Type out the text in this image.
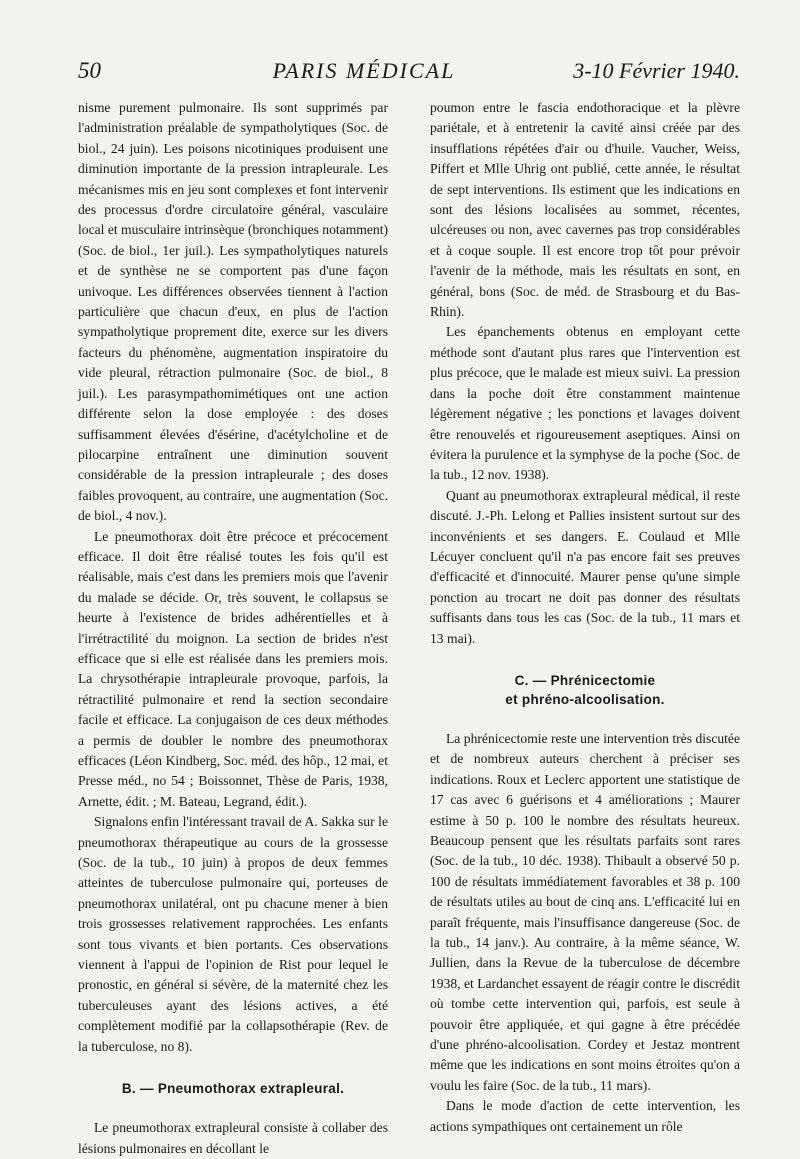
50	PARIS MÉDICAL	3-10 Février 1940.

nisme purement pulmonaire. Ils sont supprimés par l'administration préalable de sympatholytiques (Soc. de biol., 24 juin). Les poisons nicotiniques produisent une diminution importante de la pression intrapleurale. Les mécanismes mis en jeu sont complexes et font intervenir des processus d'ordre circulatoire général, vasculaire local et musculaire intrinsèque (bronchiques notamment) (Soc. de biol., 1er juil.). Les sympatholytiques naturels et de synthèse ne se comportent pas d'une façon univoque. Les différences observées tiennent à l'action particulière que chacun d'eux, en plus de l'action sympatholytique proprement dite, exerce sur les divers facteurs du phénomène, augmentation inspiratoire du vide pleural, rétraction pulmonaire (Soc. de biol., 8 juil.). Les parasympathomimétiques ont une action différente selon la dose employée : des doses suffisamment élevées d'ésérine, d'acétylcholine et de pilocarpine entraînent une diminution souvent considérable de la pression intrapleurale ; des doses faibles provoquent, au contraire, une augmentation (Soc. de biol., 4 nov.).

Le pneumothorax doit être précoce et précocement efficace. Il doit être réalisé toutes les fois qu'il est réalisable, mais c'est dans les premiers mois que l'avenir du malade se décide. Or, très souvent, le collapsus se heurte à l'existence de brides adhérentielles et à l'irrétractilité du moignon. La section de brides n'est efficace que si elle est réalisée dans les premiers mois. La chrysothérapie intrapleurale provoque, parfois, la rétractilité pulmonaire et rend la section secondaire facile et efficace. La conjugaison de ces deux méthodes a permis de doubler le nombre des pneumothorax efficaces (Léon Kindberg, Soc. méd. des hôp., 12 mai, et Presse méd., no 54 ; Boissonnet, Thèse de Paris, 1938, Arnette, édit. ; M. Bateau, Legrand, édit.).

Signalons enfin l'intéressant travail de A. Sakka sur le pneumothorax thérapeutique au cours de la grossesse (Soc. de la tub., 10 juin) à propos de deux femmes atteintes de tuberculose pulmonaire qui, porteuses de pneumothorax unilatéral, ont pu chacune mener à bien trois grossesses relativement rapprochées. Les enfants sont tous vivants et bien portants. Ces observations viennent à l'appui de l'opinion de Rist pour lequel le pronostic, en général si sévère, de la maternité chez les tuberculeuses ayant des lésions actives, a été complètement modifié par la collapsothérapie (Rev. de la tuberculose, no 8).

B. — Pneumothorax extrapleural.

Le pneumothorax extrapleural consiste à collaber des lésions pulmonaires en décollant le

poumon entre le fascia endothoracique et la plèvre pariétale, et à entretenir la cavité ainsi créée par des insufflations répétées d'air ou d'huile. Vaucher, Weiss, Piffert et Mlle Uhrig ont publié, cette année, le résultat de sept interventions. Ils estiment que les indications en sont des lésions localisées au sommet, récentes, ulcéreuses ou non, avec cavernes pas trop considérables et à coque souple. Il est encore trop tôt pour prévoir l'avenir de la méthode, mais les résultats en sont, en général, bons (Soc. de méd. de Strasbourg et du Bas-Rhin).

Les épanchements obtenus en employant cette méthode sont d'autant plus rares que l'intervention est plus précoce, que le malade est mieux suivi. La pression dans la poche doit être constamment maintenue légèrement négative ; les ponctions et lavages doivent être renouvelés et rigoureusement aseptiques. Ainsi on évitera la purulence et la symphyse de la poche (Soc. de la tub., 12 nov. 1938).

Quant au pneumothorax extrapleural médical, il reste discuté. J.-Ph. Lelong et Pallies insistent surtout sur des inconvénients et ses dangers. E. Coulaud et Mlle Lécuyer concluent qu'il n'a pas encore fait ses preuves d'efficacité et d'innocuité. Maurer pense qu'une simple ponction au trocart ne doit pas donner des résultats suffisants dans tous les cas (Soc. de la tub., 11 mars et 13 mai).

C. — Phrénicectomie
et phréno-alcoolisation.

La phrénicectomie reste une intervention très discutée et de nombreux auteurs cherchent à préciser ses indications. Roux et Leclerc apportent une statistique de 17 cas avec 6 guérisons et 4 améliorations ; Maurer estime à 50 p. 100 le nombre des résultats heureux. Beaucoup pensent que les résultats parfaits sont rares (Soc. de la tub., 10 déc. 1938). Thibault a observé 50 p. 100 de résultats immédiatement favorables et 38 p. 100 de résultats utiles au bout de cinq ans. L'efficacité lui en paraît fréquente, mais l'insuffisance dangereuse (Soc. de la tub., 14 janv.). Au contraire, à la même séance, W. Jullien, dans la Revue de la tuberculose de décembre 1938, et Lardanchet essayent de réagir contre le discrédit où tombe cette intervention qui, parfois, est seule à pouvoir être appliquée, et qui gagne à être précédée d'une phréno-alcoolisation. Cordey et Jestaz montrent même que les indications en sont moins étroites qu'on a voulu les faire (Soc. de la tub., 11 mars).

Dans le mode d'action de cette intervention, les actions sympathiques ont certainement un rôle
